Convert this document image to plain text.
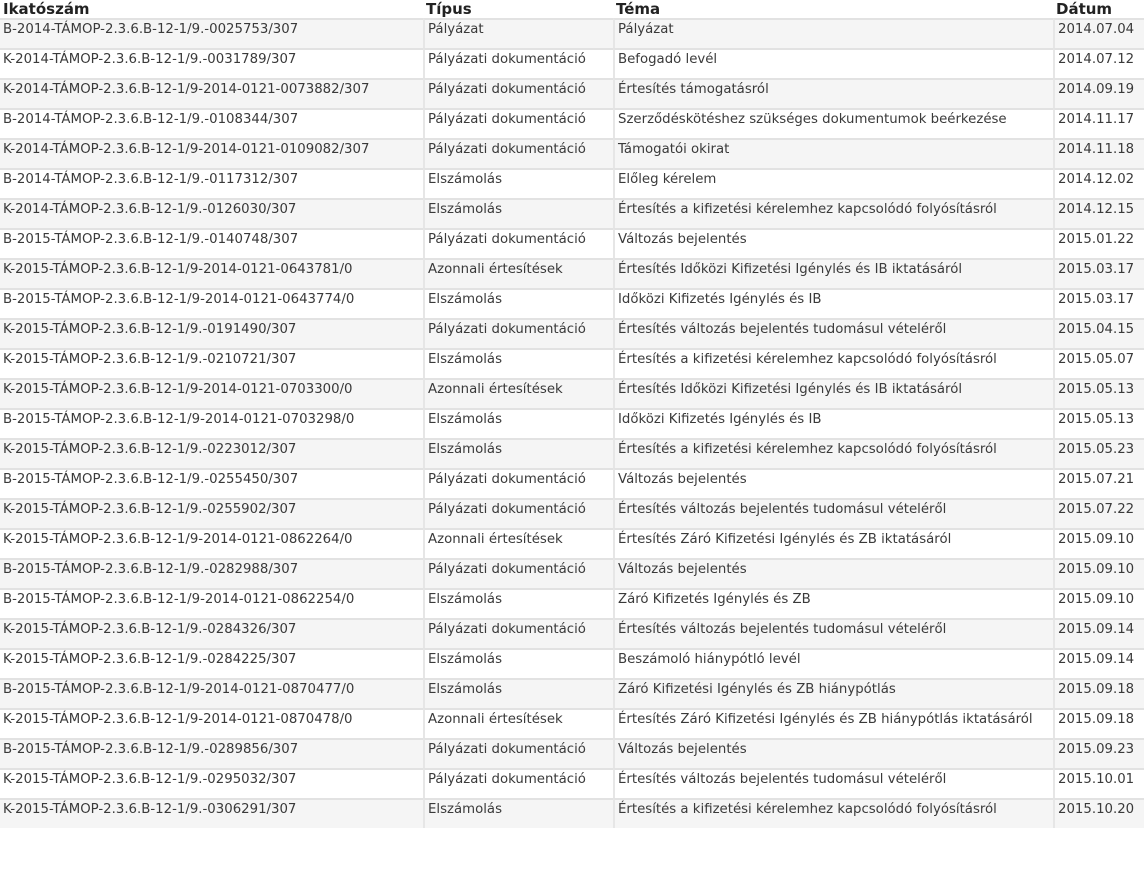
Ikatószám	Típus	Téma	Dátum
B-2014-TÁMOP-2.3.6.B-12-1/9.-0025753/307	Pályázat	Pályázat	2014.07.04
K-2014-TÁMOP-2.3.6.B-12-1/9.-0031789/307	Pályázati dokumentáció	Befogadó levél	2014.07.12
K-2014-TÁMOP-2.3.6.B-12-1/9-2014-0121-0073882/307	Pályázati dokumentáció	Értesítés támogatásról	2014.09.19
B-2014-TÁMOP-2.3.6.B-12-1/9.-0108344/307	Pályázati dokumentáció	Szerződéskötéshez szükséges dokumentumok beérkezése	2014.11.17
K-2014-TÁMOP-2.3.6.B-12-1/9-2014-0121-0109082/307	Pályázati dokumentáció	Támogatói okirat	2014.11.18
B-2014-TÁMOP-2.3.6.B-12-1/9.-0117312/307	Elszámolás	Előleg kérelem	2014.12.02
K-2014-TÁMOP-2.3.6.B-12-1/9.-0126030/307	Elszámolás	Értesítés a kifizetési kérelemhez kapcsolódó folyósításról	2014.12.15
B-2015-TÁMOP-2.3.6.B-12-1/9.-0140748/307	Pályázati dokumentáció	Változás bejelentés	2015.01.22
K-2015-TÁMOP-2.3.6.B-12-1/9-2014-0121-0643781/0	Azonnali értesítések	Értesítés Időközi Kifizetési Igénylés és IB iktatásáról	2015.03.17
B-2015-TÁMOP-2.3.6.B-12-1/9-2014-0121-0643774/0	Elszámolás	Időközi Kifizetés Igénylés és IB	2015.03.17
K-2015-TÁMOP-2.3.6.B-12-1/9.-0191490/307	Pályázati dokumentáció	Értesítés változás bejelentés tudomásul vételéről	2015.04.15
K-2015-TÁMOP-2.3.6.B-12-1/9.-0210721/307	Elszámolás	Értesítés a kifizetési kérelemhez kapcsolódó folyósításról	2015.05.07
K-2015-TÁMOP-2.3.6.B-12-1/9-2014-0121-0703300/0	Azonnali értesítések	Értesítés Időközi Kifizetési Igénylés és IB iktatásáról	2015.05.13
B-2015-TÁMOP-2.3.6.B-12-1/9-2014-0121-0703298/0	Elszámolás	Időközi Kifizetés Igénylés és IB	2015.05.13
K-2015-TÁMOP-2.3.6.B-12-1/9.-0223012/307	Elszámolás	Értesítés a kifizetési kérelemhez kapcsolódó folyósításról	2015.05.23
B-2015-TÁMOP-2.3.6.B-12-1/9.-0255450/307	Pályázati dokumentáció	Változás bejelentés	2015.07.21
K-2015-TÁMOP-2.3.6.B-12-1/9.-0255902/307	Pályázati dokumentáció	Értesítés változás bejelentés tudomásul vételéről	2015.07.22
K-2015-TÁMOP-2.3.6.B-12-1/9-2014-0121-0862264/0	Azonnali értesítések	Értesítés Záró Kifizetési Igénylés és ZB iktatásáról	2015.09.10
B-2015-TÁMOP-2.3.6.B-12-1/9.-0282988/307	Pályázati dokumentáció	Változás bejelentés	2015.09.10
B-2015-TÁMOP-2.3.6.B-12-1/9-2014-0121-0862254/0	Elszámolás	Záró Kifizetés Igénylés és ZB	2015.09.10
K-2015-TÁMOP-2.3.6.B-12-1/9.-0284326/307	Pályázati dokumentáció	Értesítés változás bejelentés tudomásul vételéről	2015.09.14
K-2015-TÁMOP-2.3.6.B-12-1/9.-0284225/307	Elszámolás	Beszámoló hiánypótló levél	2015.09.14
B-2015-TÁMOP-2.3.6.B-12-1/9-2014-0121-0870477/0	Elszámolás	Záró Kifizetési Igénylés és ZB hiánypótlás	2015.09.18
K-2015-TÁMOP-2.3.6.B-12-1/9-2014-0121-0870478/0	Azonnali értesítések	Értesítés Záró Kifizetési Igénylés és ZB hiánypótlás iktatásáról	2015.09.18
B-2015-TÁMOP-2.3.6.B-12-1/9.-0289856/307	Pályázati dokumentáció	Változás bejelentés	2015.09.23
K-2015-TÁMOP-2.3.6.B-12-1/9.-0295032/307	Pályázati dokumentáció	Értesítés változás bejelentés tudomásul vételéről	2015.10.01
K-2015-TÁMOP-2.3.6.B-12-1/9.-0306291/307	Elszámolás	Értesítés a kifizetési kérelemhez kapcsolódó folyósításról	2015.10.20
